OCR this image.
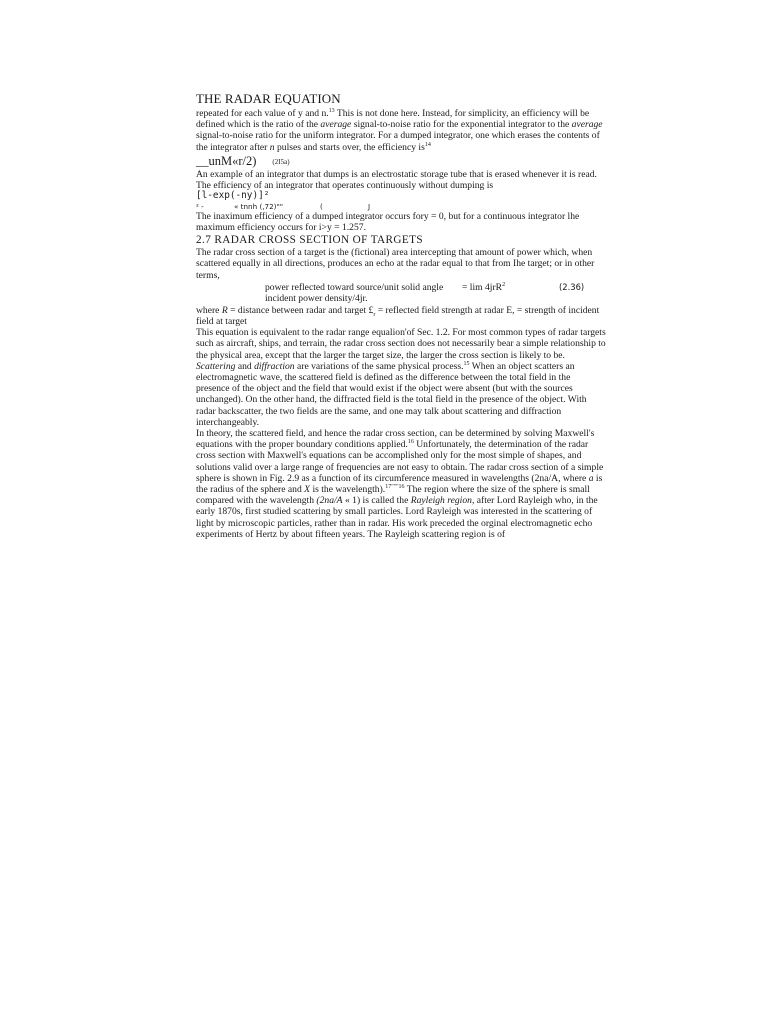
THE RADAR EQUATION

repeated for each value of y and n.$^{13}$ This is not done here. Instead, for simplicity, an efficiency will be defined which is the ratio of the average signal-to-noise ratio for the exponential integrator to the average signal-to-noise ratio for the uniform integrator. For a dumped integrator, one which erases the contents of the integrator after n pulses and starts over, the efficiency $is^{14}$

__unM«r/2) (2I5a)

An example of an integrator that dumps is an electrostatic storage tube that is erased whenever it is read. The efficiency of an integrator that operates continuously without dumping is

[l-exp(-ny)]²
² -	« tnnh (,72)""	(	J

The inaximum efficiency of a dumped integrator occurs fory = 0, but for a continuous integrator lhe maximum efficiency occurs for i>y = 1.257.

2.7 RADAR CROSS SECTION OF TARGETS

The radar cross section of a target is the (fictional) area intercepting that amount of power which, when scattered equally in all directions, produces an echo at the radar equal to that from Ihe target; or in other terms,

power reflected toward source/unit solid angle = lim 4jrR$^2$	(2.36)
incident power density/4jr.

where R = distance between radar and target $£_r$ = reflected field strength at radar E, = strength of incident field at target

This equation is equivalent to the radar range equalion'of Sec. 1.2. For most common types of radar targets such as aircraft, ships, and terrain, the radar cross section does not necessarily bear a simple relationship to the physical area, except that the larger the target size, the larger the cross section is likely to be.

Scattering and diffraction are variations of the same physical process.$^{15}$ When an object scatters an electromagnetic wave, the scattered field is defined as the difference between the total field in the presence of the object and the field that would exist if the object were absent (but with the sources unchanged). On the other hand, the diffracted field is the total field in the presence of the object. With radar backscatter, the two fields are the same, and one may talk about scattering and diffraction interchangeably.

In theory, the scattered field, and hence the radar cross section, can be determined by solving Maxwell's equations with the proper boundary conditions applied.$^{16}$ Unfortunately, the determination of the radar cross section with Maxwell's equations can be accomplished only for the most simple of shapes, and solutions valid over a large range of frequencies are not easy to obtain. The radar cross section of a simple sphere is shown in Fig. 2.9 as a function of its circumference measured in wavelengths (2na/A, where a is the radius of the sphere and X is the wavelength).$^{17"""16}$ The region where the size of the sphere is small compared with the wavelength (2na/A « 1) is called the Rayleigh region, after Lord Rayleigh who, in the early 1870s, first studied scattering by small particles. Lord Rayleigh was interested in the scattering of light by microscopic particles, rather than in radar. His work preceded the orginal electromagnetic echo experiments of Hertz by about fifteen years. The Rayleigh scattering region is of
